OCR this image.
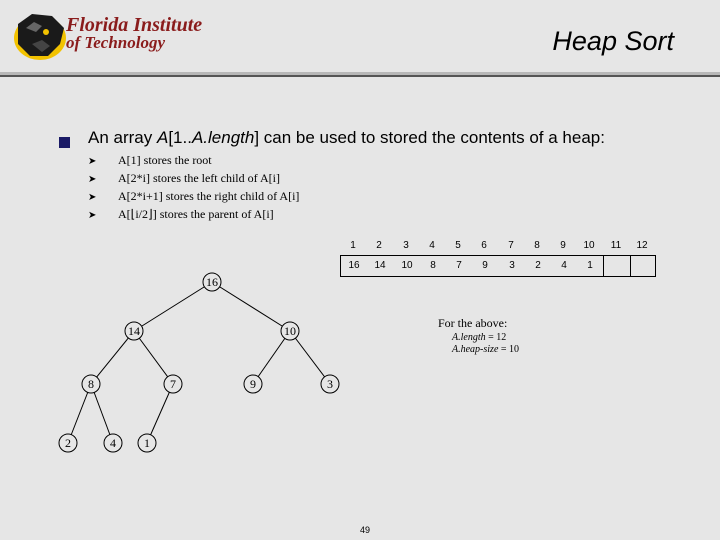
Florida Institute
of Technology	Heap Sort
An array A[1..A.length] can be used to stored the contents of a heap:
➤ A[1] stores the root
➤ A[2*i] stores the left child of A[i]
➤ A[2*i+1] stores the right child of A[i]
➤ A[⌊i/2⌋] stores the parent of A[i]
1	2	3	4	5	6	7	8	9	10	11	12
16	14	10	8	7	9	3	2	4	1
For the above:
A.length = 12
A.heap-size = 10
16
14	10
8	7	9	3
2	4 1
49
